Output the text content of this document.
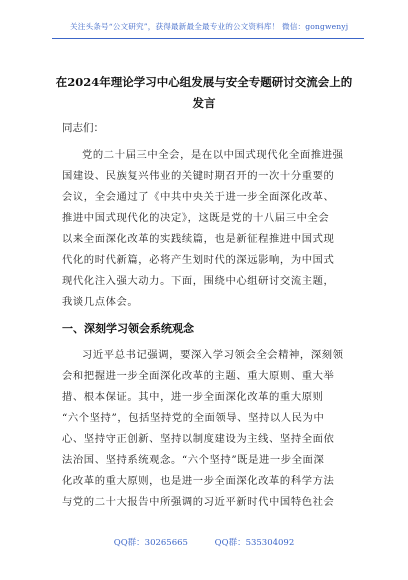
关注头条号“公文研究”，获得最新最全最专业的公文资料库！ 微信：gongwenyj
在2024年理论学习中心组发展与安全专题研讨交流会上的
发言
同志们：
党的二十届三中全会，是在以中国式现代化全面推进强
国建设、民族复兴伟业的关键时期召开的一次十分重要的
会议，全会通过了《中共中央关于进一步全面深化改革、
推进中国式现代化的决定》，这既是党的十八届三中全会
以来全面深化改革的实践续篇，也是新征程推进中国式现
代化的时代新篇，必将产生划时代的深远影响，为中国式
现代化注入强大动力。下面，围绕中心组研讨交流主题，
我谈几点体会。
一、深刻学习领会系统观念
习近平总书记强调，要深入学习领会全会精神，深刻领
会和把握进一步全面深化改革的主题、重大原则、重大举
措、根本保证。其中，进一步全面深化改革的重大原则
“六个坚持”，包括坚持党的全面领导、坚持以人民为中
心、坚持守正创新、坚持以制度建设为主线、坚持全面依
法治国、坚持系统观念。“六个坚持”既是进一步全面深
化改革的重大原则，也是进一步全面深化改革的科学方法
与党的二十大报告中所强调的习近平新时代中国特色社会
QQ群：30265665	QQ群：535304092
